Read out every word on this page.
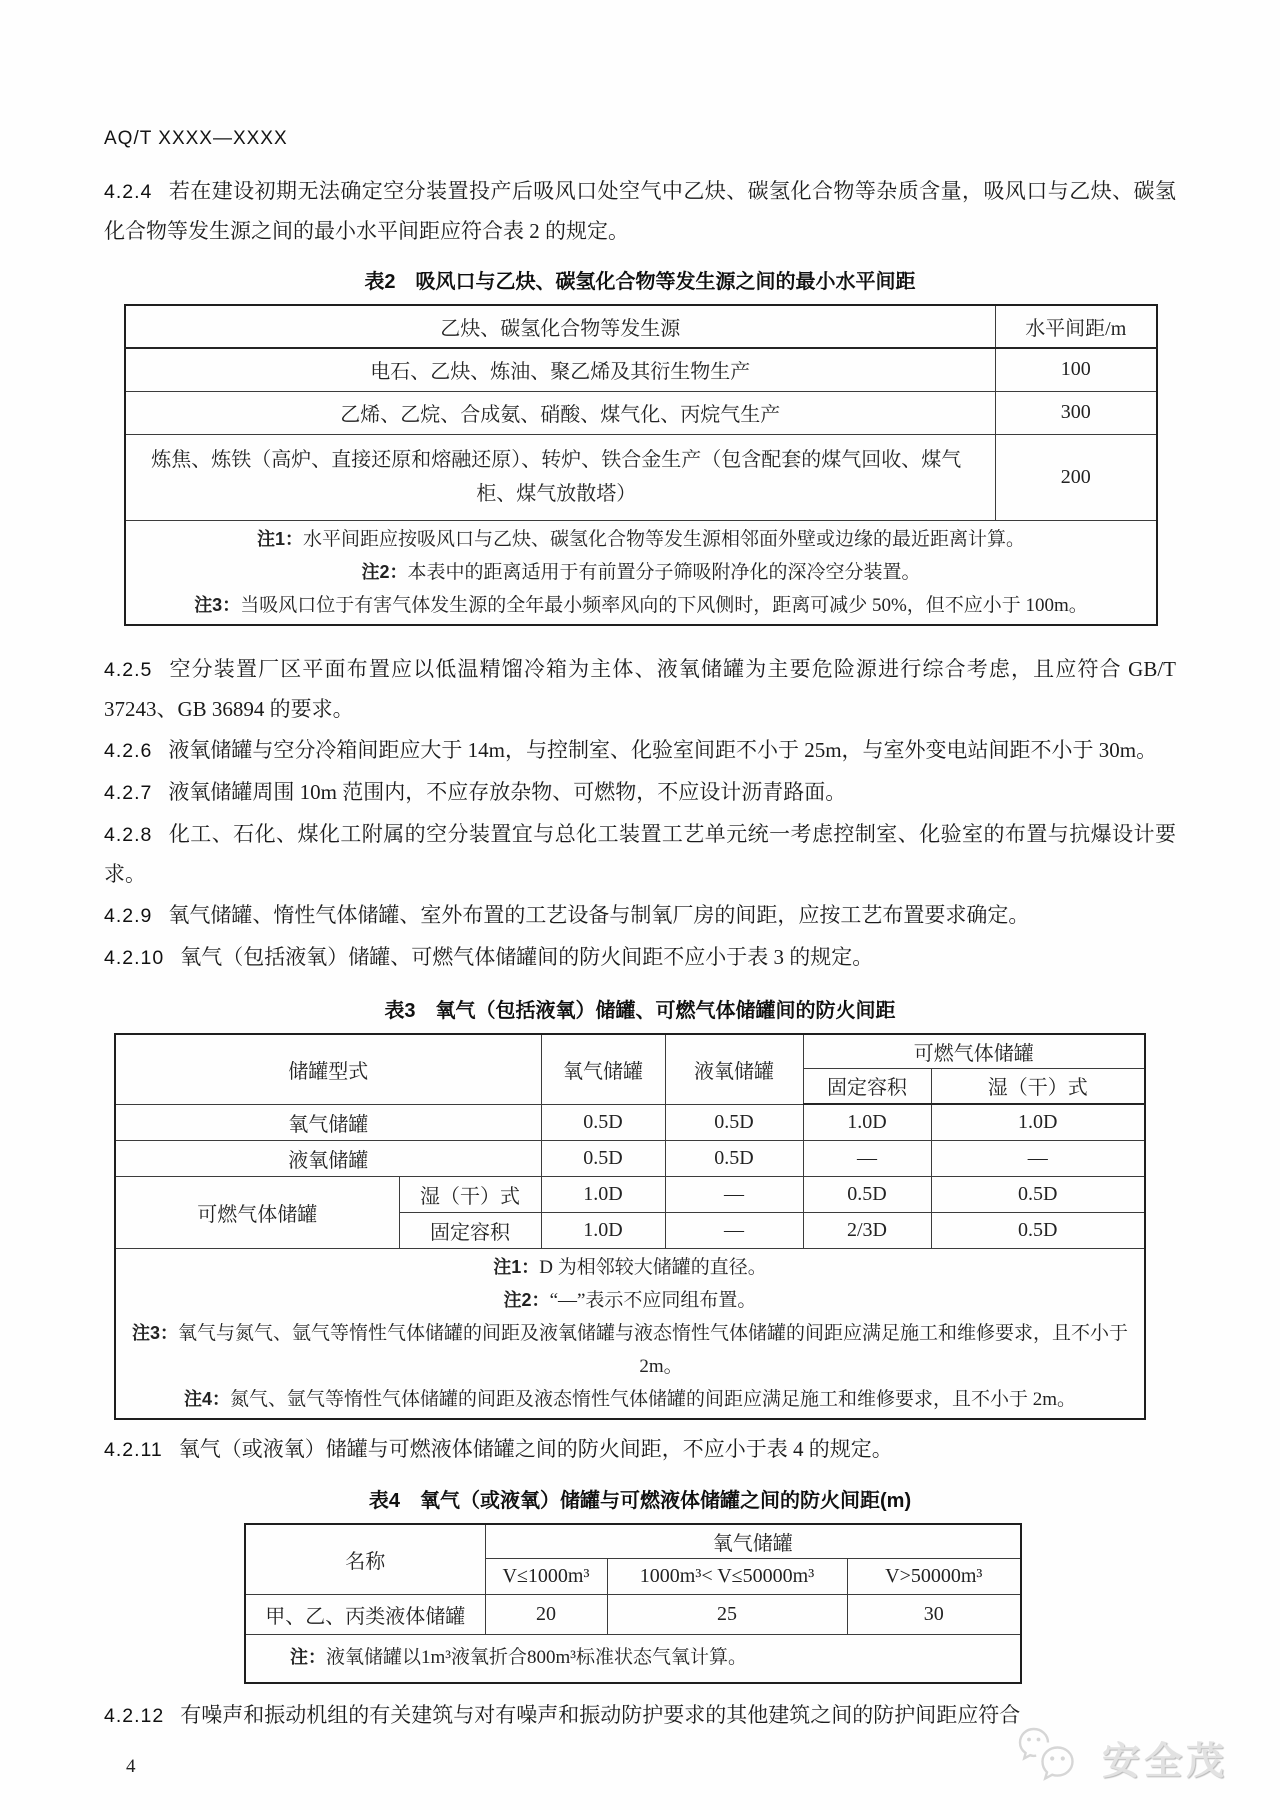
AQ/T XXXX—XXXX

4.2.4 若在建设初期无法确定空分装置投产后吸风口处空气中乙炔、碳氢化合物等杂质含量，吸风口与乙炔、碳氢化合物等发生源之间的最小水平间距应符合表 2 的规定。

表2　吸风口与乙炔、碳氢化合物等发生源之间的最小水平间距

乙炔、碳氢化合物等发生源	水平间距/m
电石、乙炔、炼油、聚乙烯及其衍生物生产	100
乙烯、乙烷、合成氨、硝酸、煤气化、丙烷气生产	300
炼焦、炼铁（高炉、直接还原和熔融还原）、转炉、铁合金生产（包含配套的煤气回收、煤气柜、煤气放散塔）	200

注1：水平间距应按吸风口与乙炔、碳氢化合物等发生源相邻面外壁或边缘的最近距离计算。
注2：本表中的距离适用于有前置分子筛吸附净化的深冷空分装置。
注3：当吸风口位于有害气体发生源的全年最小频率风向的下风侧时，距离可减少 50%，但不应小于 100m。	

4.2.5 空分装置厂区平面布置应以低温精馏冷箱为主体、液氧储罐为主要危险源进行综合考虑，且应符合 GB/T 37243、GB 36894 的要求。

4.2.6 液氧储罐与空分冷箱间距应大于 14m，与控制室、化验室间距不小于 25m，与室外变电站间距不小于 30m。

4.2.7 液氧储罐周围 10m 范围内，不应存放杂物、可燃物，不应设计沥青路面。

4.2.8 化工、石化、煤化工附属的空分装置宜与总化工装置工艺单元统一考虑控制室、化验室的布置与抗爆设计要求。

4.2.9 氧气储罐、惰性气体储罐、室外布置的工艺设备与制氧厂房的间距，应按工艺布置要求确定。

4.2.10 氧气（包括液氧）储罐、可燃气体储罐间的防火间距不应小于表 3 的规定。

表3　氧气（包括液氧）储罐、可燃气体储罐间的防火间距

储罐型式		氧气储罐	液氧储罐	可燃气体储罐	
				固定容积	湿（干）式
氧气储罐		0.5D	0.5D	1.0D	1.0D
液氧储罐		0.5D	0.5D	—	—
可燃气体储罐	湿（干）式	1.0D	—	0.5D	0.5D
	固定容积	1.0D	—	2/3D	0.5D

注1：D 为相邻较大储罐的直径。
注2：“—”表示不应同组布置。
注3：氧气与氮气、氩气等惰性气体储罐的间距及液氧储罐与液态惰性气体储罐的间距应满足施工和维修要求，且不小于 2m。
注4：氮气、氩气等惰性气体储罐的间距及液态惰性气体储罐的间距应满足施工和维修要求，且不小于 2m。					

4.2.11 氧气（或液氧）储罐与可燃液体储罐之间的防火间距，不应小于表 4 的规定。

表4　氧气（或液氧）储罐与可燃液体储罐之间的防火间距(m)

名称	氧气储罐		
	V≤1000m³	1000m³< V≤50000m³	V>50000m³
甲、乙、丙类液体储罐	20	25	30

注：液氧储罐以1m³液氧折合800m³标准状态气氧计算。			

4.2.12 有噪声和振动机组的有关建筑与对有噪声和振动防护要求的其他建筑之间的防护间距应符合

4	安全茂
